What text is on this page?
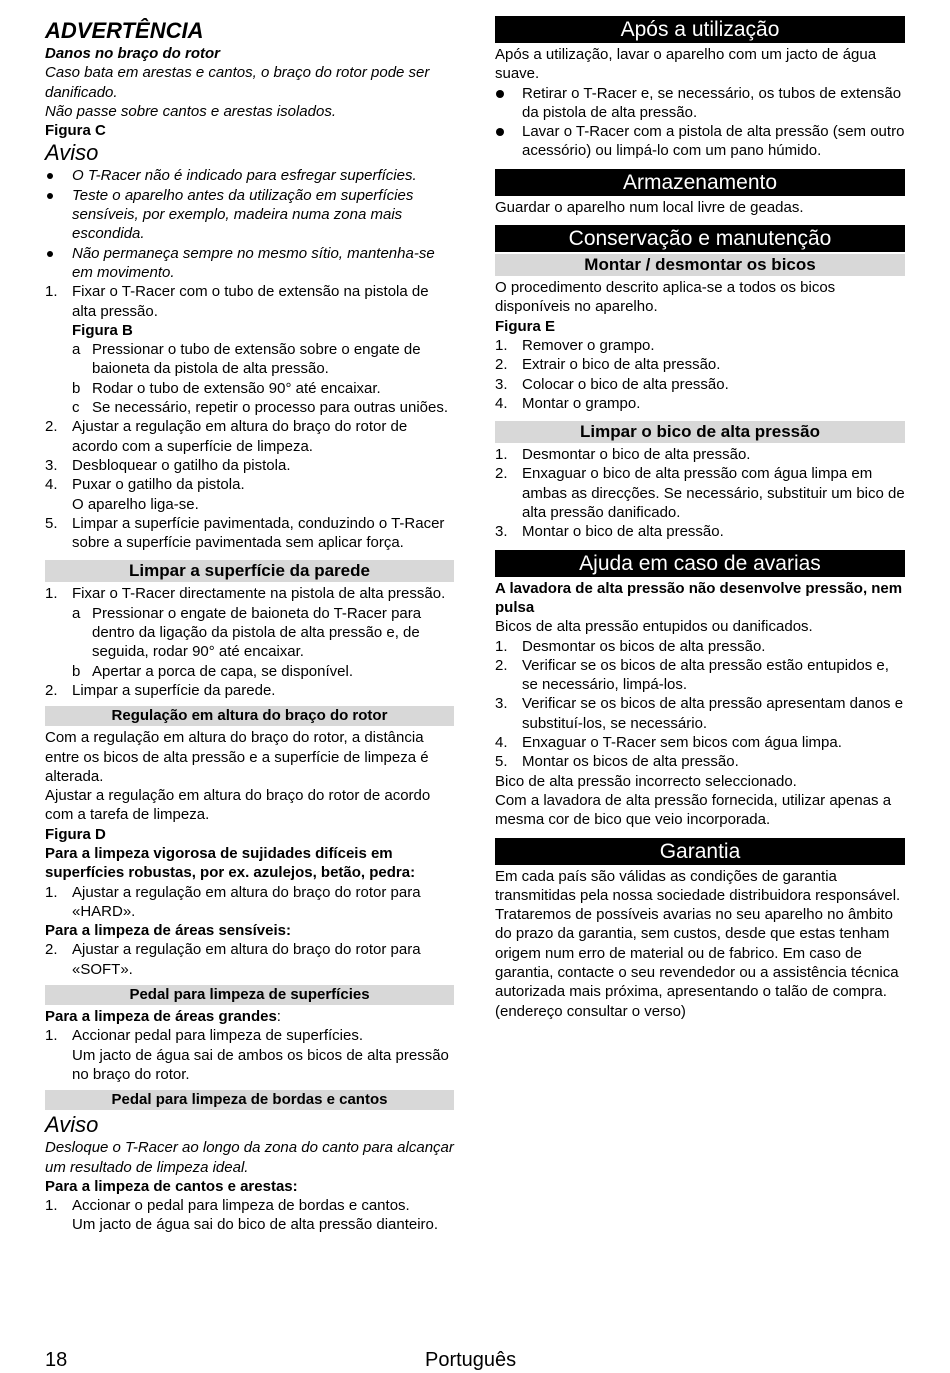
ADVERTÊNCIA

Danos no braço do rotor

Caso bata em arestas e cantos, o braço do rotor pode ser danificado.

Não passe sobre cantos e arestas isolados.

Figura C

Aviso
O T-Racer não é indicado para esfregar superfícies.
Teste o aparelho antes da utilização em superfícies sensíveis, por exemplo, madeira numa zona mais escondida.
Não permaneça sempre no mesmo sítio, mantenha-se em movimento.
1. Fixar o T-Racer com o tubo de extensão na pistola de alta pressão.

Figura B

a Pressionar o tubo de extensão sobre o engate de baioneta da pistola de alta pressão.
b Rodar o tubo de extensão 90° até encaixar.
c Se necessário, repetir o processo para outras uniões.
2. Ajustar a regulação em altura do braço do rotor de acordo com a superfície de limpeza.
3. Desbloquear o gatilho da pistola.
4. Puxar o gatilho da pistola.

O aparelho liga-se.

5. Limpar a superfície pavimentada, conduzindo o T-Racer sobre a superfície pavimentada sem aplicar força.
Limpar a superfície da parede
1. Fixar o T-Racer directamente na pistola de alta pressão.
a Pressionar o engate de baioneta do T-Racer para dentro da ligação da pistola de alta pressão e, de seguida, rodar 90° até encaixar.
b Apertar a porca de capa, se disponível.
2. Limpar a superfície da parede.
Regulação em altura do braço do rotor

Com a regulação em altura do braço do rotor, a distância entre os bicos de alta pressão e a superfície de limpeza é alterada.

Ajustar a regulação em altura do braço do rotor de acordo com a tarefa de limpeza.

Figura D

Para a limpeza vigorosa de sujidades difíceis em superfícies robustas, por ex. azulejos, betão, pedra:

1. Ajustar a regulação em altura do braço do rotor para «HARD».

Para a limpeza de áreas sensíveis:

2. Ajustar a regulação em altura do braço do rotor para «SOFT».
Pedal para limpeza de superfícies

Para a limpeza de áreas grandes:

1. Accionar pedal para limpeza de superfícies.

Um jacto de água sai de ambos os bicos de alta pressão no braço do rotor.

Pedal para limpeza de bordas e cantos
Aviso

Desloque o T-Racer ao longo da zona do canto para alcançar um resultado de limpeza ideal.

Para a limpeza de cantos e arestas:

1. Accionar o pedal para limpeza de bordas e cantos.

Um jacto de água sai do bico de alta pressão dianteiro.

Após a utilização

Após a utilização, lavar o aparelho com um jacto de água suave.

Retirar o T-Racer e, se necessário, os tubos de extensão da pistola de alta pressão.
Lavar o T-Racer com a pistola de alta pressão (sem outro acessório) ou limpá-lo com um pano húmido.
Armazenamento

Guardar o aparelho num local livre de geadas.

Conservação e manutenção
Montar / desmontar os bicos

O procedimento descrito aplica-se a todos os bicos disponíveis no aparelho.

Figura E

1. Remover o grampo.
2. Extrair o bico de alta pressão.
3. Colocar o bico de alta pressão.
4. Montar o grampo.
Limpar o bico de alta pressão
1. Desmontar o bico de alta pressão.
2. Enxaguar o bico de alta pressão com água limpa em ambas as direcções. Se necessário, substituir um bico de alta pressão danificado.
3. Montar o bico de alta pressão.
Ajuda em caso de avarias

A lavadora de alta pressão não desenvolve pressão, nem pulsa

Bicos de alta pressão entupidos ou danificados.

1. Desmontar os bicos de alta pressão.
2. Verificar se os bicos de alta pressão estão entupidos e, se necessário, limpá-los.
3. Verificar se os bicos de alta pressão apresentam danos e substituí-los, se necessário.
4. Enxaguar o T-Racer sem bicos com água limpa.
5. Montar os bicos de alta pressão.

Bico de alta pressão incorrecto seleccionado.

Com a lavadora de alta pressão fornecida, utilizar apenas a mesma cor de bico que veio incorporada.

Garantia

Em cada país são válidas as condições de garantia transmitidas pela nossa sociedade distribuidora responsável. Trataremos de possíveis avarias no seu aparelho no âmbito do prazo da garantia, sem custos, desde que estas tenham origem num erro de material ou de fabrico. Em caso de garantia, contacte o seu revendedor ou a assistência técnica autorizada mais próxima, apresentando o talão de compra.

(endereço consultar o verso)

18	Português
